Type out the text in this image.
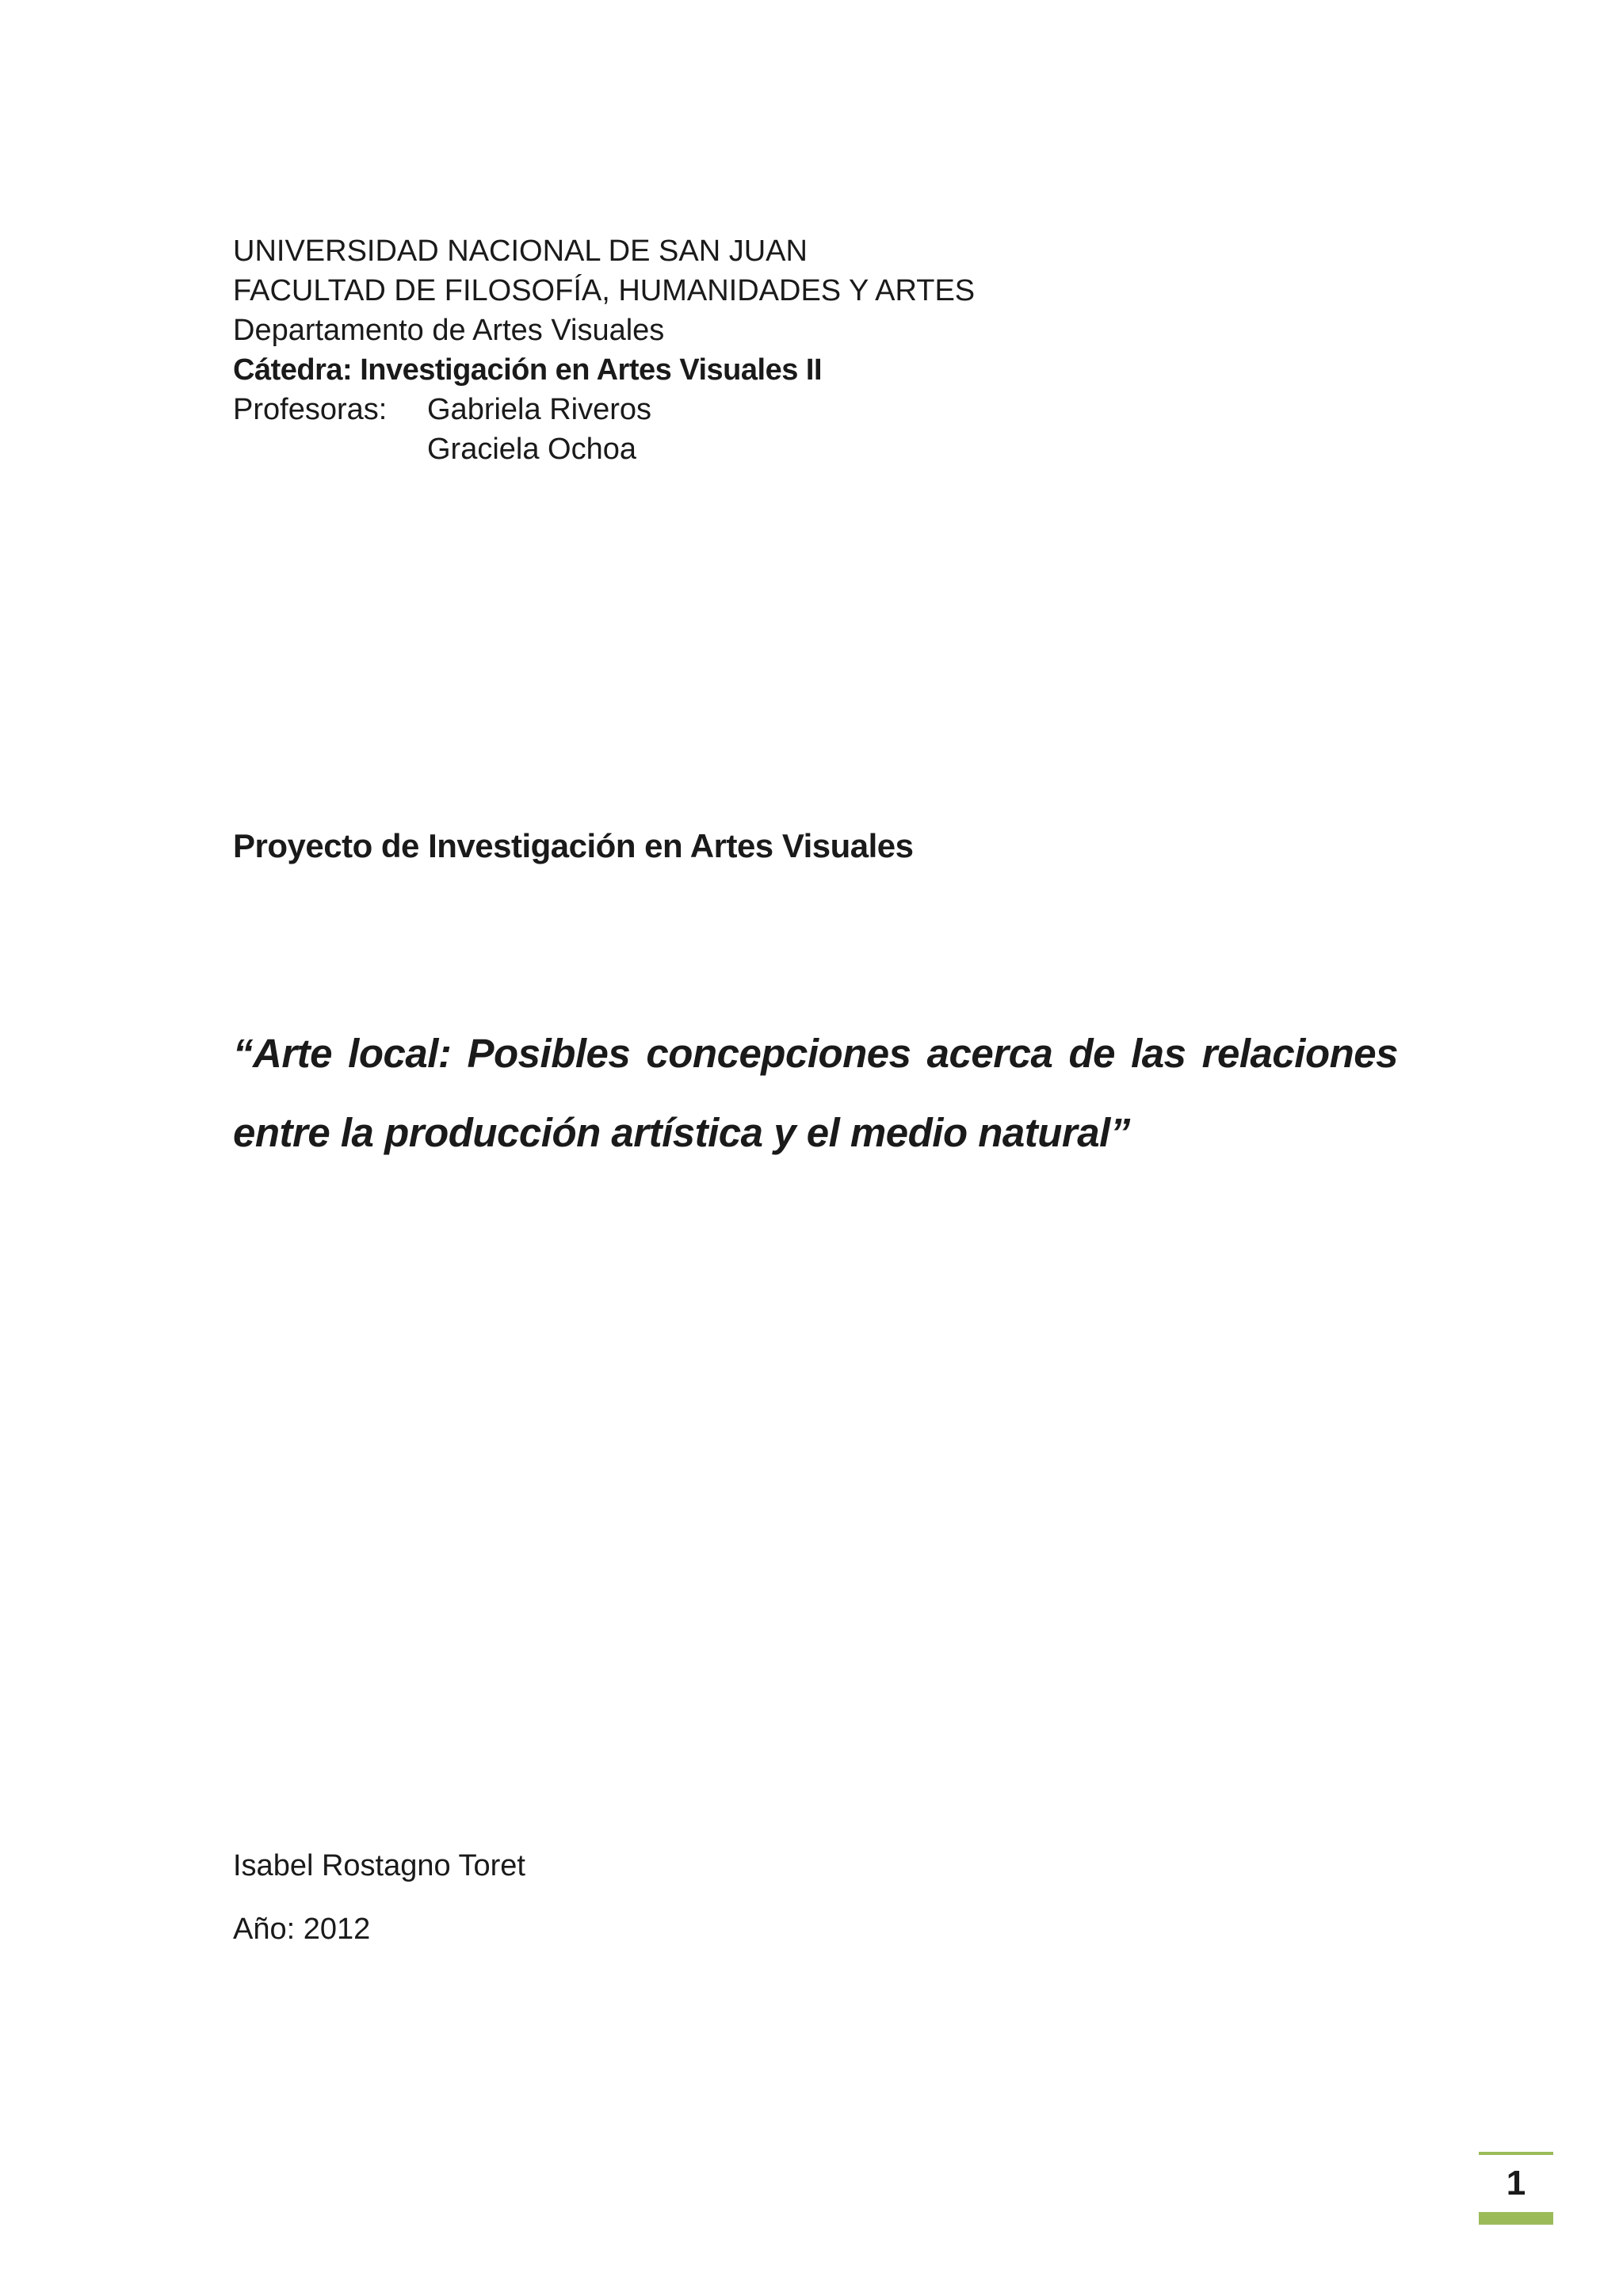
UNIVERSIDAD NACIONAL DE SAN JUAN
FACULTAD DE FILOSOFÍA, HUMANIDADES Y ARTES
Departamento de Artes Visuales
Cátedra: Investigación en Artes Visuales II
Profesoras:	Gabriela Riveros
Graciela Ochoa
Proyecto de Investigación en Artes Visuales
“Arte local: Posibles concepciones acerca de las relaciones entre la producción artística y el medio natural”
Isabel Rostagno Toret
Año: 2012
1
